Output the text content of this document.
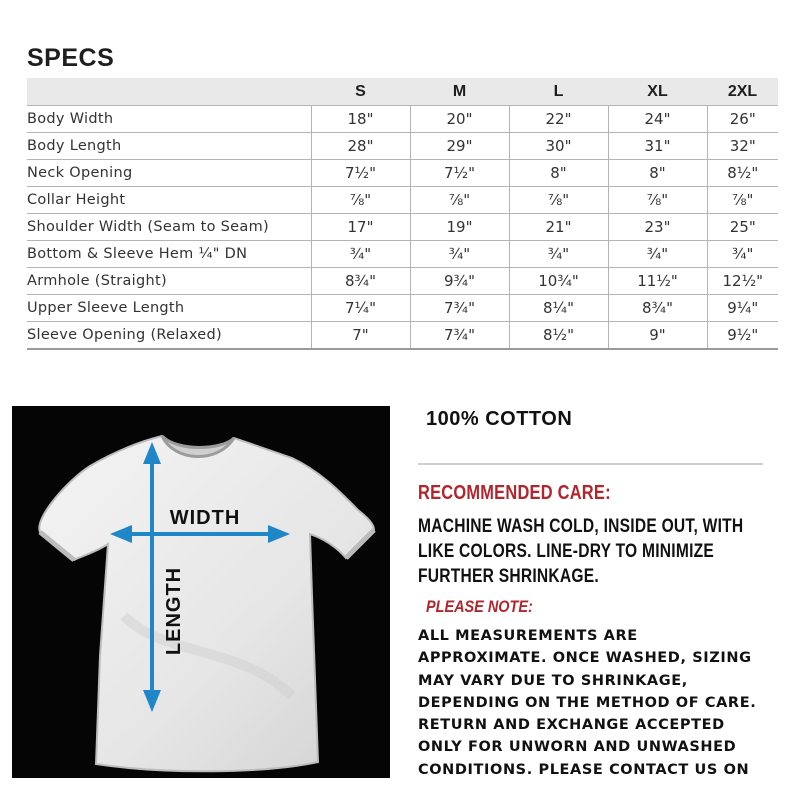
SPECS
	S	M	L	XL	2XL
Body Width	18"	20"	22"	24"	26"
Body Length	28"	29"	30"	31"	32"
Neck Opening	7½"	7½"	8"	8"	8½"
Collar Height	⅞"	⅞"	⅞"	⅞"	⅞"
Shoulder Width (Seam to Seam)	17"	19"	21"	23"	25"
Bottom & Sleeve Hem ¼" DN	¾"	¾"	¾"	¾"	¾"
Armhole (Straight)	8¾"	9¾"	10¾"	11½"	12½"
Upper Sleeve Length	7¼"	7¾"	8¼"	8¾"	9¼"
Sleeve Opening (Relaxed)	7"	7¾"	8½"	9"	9½"
WIDTH
LENGTH
100% COTTON
RECOMMENDED CARE:
MACHINE WASH COLD, INSIDE OUT, WITH LIKE COLORS. LINE-DRY TO MINIMIZE FURTHER SHRINKAGE.
PLEASE NOTE:
ALL MEASUREMENTS ARE APPROXIMATE. ONCE WASHED, SIZING MAY VARY DUE TO SHRINKAGE, DEPENDING ON THE METHOD OF CARE. RETURN AND EXCHANGE ACCEPTED ONLY FOR UNWORN AND UNWASHED CONDITIONS. PLEASE CONTACT US ON
